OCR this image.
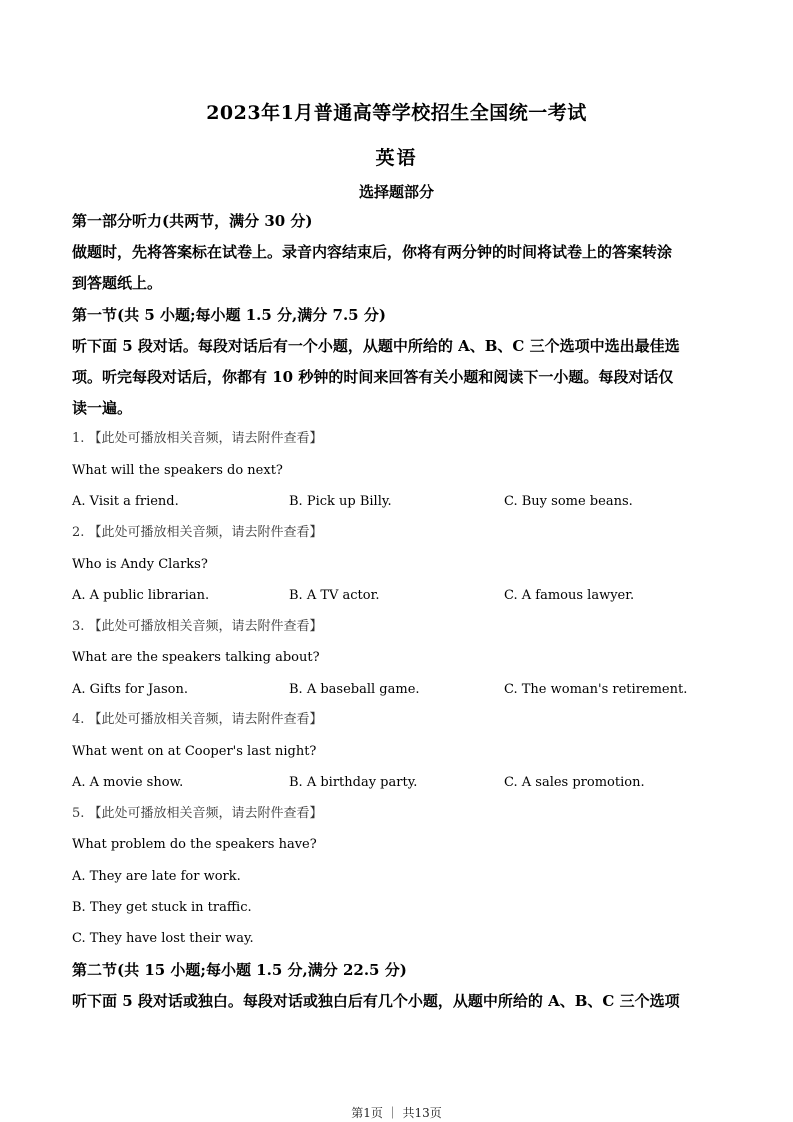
2023年1月普通高等学校招生全国统一考试
英语
选择题部分
第一部分听力(共两节，满分 30 分)
做题时，先将答案标在试卷上。录音内容结束后，你将有两分钟的时间将试卷上的答案转涂
到答题纸上。
第一节(共 5 小题;每小题 1.5 分,满分 7.5 分)
听下面 5 段对话。每段对话后有一个小题，从题中所给的 A、B、C 三个选项中选出最佳选
项。听完每段对话后，你都有 10 秒钟的时间来回答有关小题和阅读下一小题。每段对话仅
读一遍。
1. 【此处可播放相关音频，请去附件查看】
What will the speakers do next?
A. Visit a friend.	B. Pick up Billy.	C. Buy some beans.
2. 【此处可播放相关音频，请去附件查看】
Who is Andy Clarks?
A. A public librarian.	B. A TV actor.	C. A famous lawyer.
3. 【此处可播放相关音频，请去附件查看】
What are the speakers talking about?
A. Gifts for Jason.	B. A baseball game.	C. The woman's retirement.
4. 【此处可播放相关音频，请去附件查看】
What went on at Cooper's last night?
A. A movie show.	B. A birthday party.	C. A sales promotion.
5. 【此处可播放相关音频，请去附件查看】
What problem do the speakers have?
A. They are late for work.
B. They get stuck in traffic.
C. They have lost their way.
第二节(共 15 小题;每小题 1.5 分,满分 22.5 分)
听下面 5 段对话或独白。每段对话或独白后有几个小题，从题中所给的 A、B、C 三个选项
第1页 ｜ 共13页
